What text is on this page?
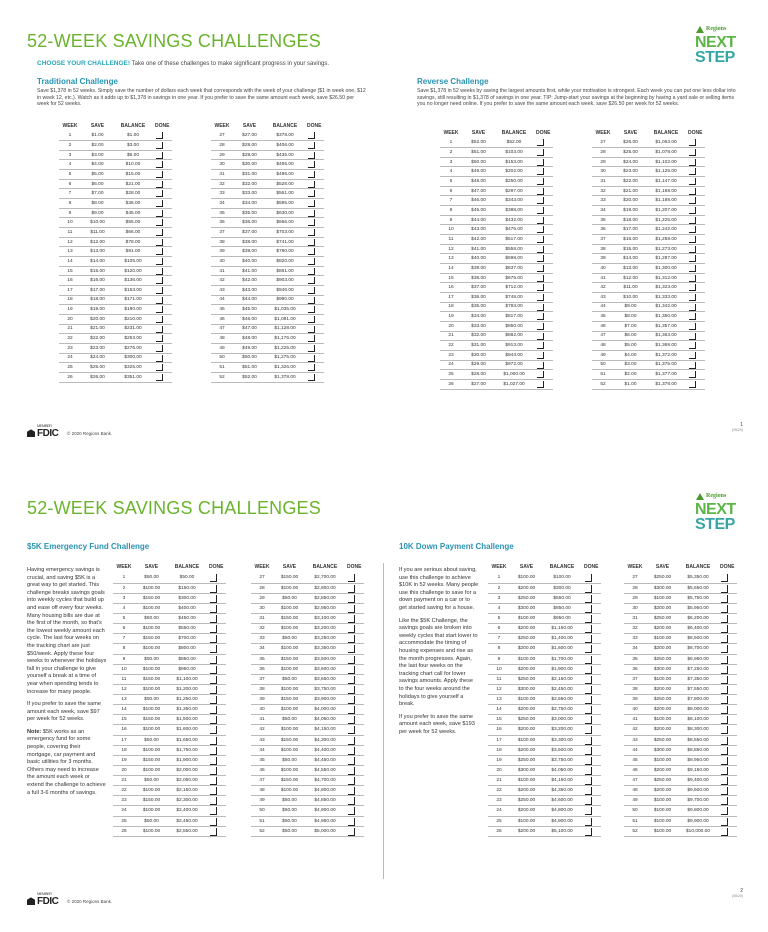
52-WEEK SAVINGS CHALLENGES
Regions
NEXT
STEP
CHOOSE YOUR CHALLENGE! Take one of these challenges to make significant progress in your savings.
Traditional Challenge
Save $1,378 in 52 weeks. Simply save the number of dollars each week that corresponds with the week of your challenge ($1 in week one, $12 in week 12, etc.). Watch as it adds up to $1,378 in savings in one year. If you prefer to save the same amount each week, save $26.50 per week for 52 weeks.
WEEK	SAVE	BALANCE	DONE
1	$1.00	$1.00	

2	$2.00	$3.00	

3	$3.00	$6.00	

4	$4.00	$10.00	

5	$5.00	$15.00	

6	$6.00	$21.00	

7	$7.00	$28.00	

8	$8.00	$36.00	

9	$9.00	$45.00	

10	$10.00	$55.00	

11	$11.00	$66.00	

12	$12.00	$78.00	

13	$13.00	$91.00	

14	$14.00	$105.00	

15	$15.00	$120.00	

16	$16.00	$136.00	

17	$17.00	$153.00	

18	$18.00	$171.00	

19	$19.00	$190.00	

20	$20.00	$210.00	

21	$21.00	$231.00	

22	$22.00	$253.00	

23	$23.00	$276.00	

24	$24.00	$300.00	

25	$25.00	$325.00	

26	$26.00	$351.00	
WEEK	SAVE	BALANCE	DONE
27	$27.00	$378.00	

28	$28.00	$406.00	

29	$29.00	$435.00	

30	$30.00	$465.00	

31	$31.00	$496.00	

32	$32.00	$528.00	

33	$33.00	$561.00	

34	$34.00	$595.00	

35	$35.00	$630.00	

36	$36.00	$666.00	

37	$37.00	$703.00	

38	$38.00	$741.00	

39	$39.00	$780.00	

40	$40.00	$820.00	

41	$41.00	$861.00	

42	$42.00	$903.00	

43	$43.00	$946.00	

44	$44.00	$990.00	

45	$45.00	$1,035.00	

46	$46.00	$1,081.00	

47	$47.00	$1,128.00	

48	$48.00	$1,176.00	

49	$49.00	$1,225.00	

50	$50.00	$1,275.00	

51	$51.00	$1,326.00	

52	$52.00	$1,378.00	
Reverse Challenge
Save $1,378 in 52 weeks by saving the largest amounts first, while your motivation is strongest. Each week you can put one less dollar into savings, still resulting in $1,378 of savings in one year. TIP: Jump-start your savings at the beginning by having a yard sale or selling items you no longer need online. If you prefer to save the same amount each week, save $26.50 per week for 52 weeks.
WEEK	SAVE	BALANCE	DONE
1	$52.00	$52.00	

2	$51.00	$103.00	

3	$50.00	$153.00	

4	$49.00	$202.00	

5	$48.00	$250.00	

6	$47.00	$297.00	

7	$46.00	$343.00	

8	$45.00	$388.00	

9	$44.00	$432.00	

10	$43.00	$475.00	

11	$42.00	$517.00	

12	$41.00	$558.00	

13	$40.00	$598.00	

14	$39.00	$637.00	

15	$38.00	$675.00	

16	$37.00	$712.00	

17	$36.00	$748.00	

18	$35.00	$783.00	

19	$34.00	$817.00	

20	$33.00	$850.00	

21	$32.00	$882.00	

22	$31.00	$913.00	

23	$30.00	$943.00	

24	$29.00	$972.00	

25	$28.00	$1,000.00	

26	$27.00	$1,027.00	
WEEK	SAVE	BALANCE	DONE
27	$26.00	$1,053.00	

28	$25.00	$1,078.00	

29	$24.00	$1,102.00	

30	$23.00	$1,125.00	

31	$22.00	$1,147.00	

32	$21.00	$1,168.00	

33	$20.00	$1,188.00	

34	$19.00	$1,207.00	

35	$18.00	$1,225.00	

36	$17.00	$1,242.00	

37	$16.00	$1,258.00	

38	$15.00	$1,273.00	

39	$14.00	$1,287.00	

40	$13.00	$1,300.00	

41	$12.00	$1,312.00	

42	$11.00	$1,323.00	

43	$10.00	$1,333.00	

44	$9.00	$1,342.00	

45	$8.00	$1,350.00	

46	$7.00	$1,357.00	

47	$6.00	$1,363.00	

48	$5.00	$1,368.00	

49	$4.00	$1,372.00	

50	$3.00	$1,375.00	

51	$2.00	$1,377.00	

52	$1.00	$1,378.00	
MEMBER
FDIC © 2020 Regions Bank.
1
(05/20)
52-WEEK SAVINGS CHALLENGES
Regions
NEXT
STEP
$5K Emergency Fund Challenge

Having emergency savings is crucial, and saving $5K is a great way to get started. This challenge breaks savings goals into weekly cycles that build up and ease off every four weeks. Many housing bills are due at the first of the month, so that's the lowest weekly amount each cycle. The last four weeks on the tracking chart are just $50/week. Apply these four weeks to whenever the holidays fall in your challenge to give yourself a break at a time of year when spending tends to increase for many people.

If you prefer to save the same amount each week, save $97 per week for 52 weeks.

Note: $5K works as an emergency fund for some people, covering their mortgage, car payment and basic utilities for 3 months. Others may need to increase the amount each week or extend the challenge to achieve a full 3-6 months of savings.

WEEK	SAVE	BALANCE	DONE
1	$50.00	$50.00	

2	$100.00	$150.00	

3	$150.00	$300.00	

4	$100.00	$400.00	

5	$50.00	$450.00	

6	$100.00	$550.00	

7	$150.00	$700.00	

8	$100.00	$800.00	

9	$50.00	$850.00	

10	$100.00	$950.00	

11	$150.00	$1,100.00	

12	$100.00	$1,200.00	

13	$50.00	$1,250.00	

14	$100.00	$1,350.00	

15	$150.00	$1,500.00	

16	$100.00	$1,600.00	

17	$50.00	$1,650.00	

18	$100.00	$1,750.00	

19	$150.00	$1,900.00	

20	$100.00	$2,000.00	

21	$50.00	$2,050.00	

22	$100.00	$2,150.00	

23	$150.00	$2,300.00	

24	$100.00	$2,400.00	

25	$50.00	$2,450.00	

26	$100.00	$2,550.00	
WEEK	SAVE	BALANCE	DONE
27	$150.00	$2,700.00	

28	$100.00	$2,800.00	

29	$50.00	$2,850.00	

30	$100.00	$2,950.00	

31	$150.00	$3,100.00	

32	$100.00	$3,200.00	

33	$50.00	$3,250.00	

34	$100.00	$3,350.00	

35	$150.00	$3,500.00	

36	$100.00	$3,600.00	

37	$50.00	$3,650.00	

38	$100.00	$3,750.00	

39	$150.00	$3,900.00	

40	$100.00	$4,000.00	

41	$50.00	$4,050.00	

42	$100.00	$4,150.00	

43	$150.00	$4,300.00	

44	$100.00	$4,400.00	

45	$50.00	$4,450.00	

46	$100.00	$4,550.00	

47	$150.00	$4,700.00	

48	$100.00	$4,800.00	

49	$50.00	$4,850.00	

50	$50.00	$4,900.00	

51	$50.00	$4,950.00	

52	$50.00	$5,000.00	
10K Down Payment Challenge

If you are serious about saving, use this challenge to achieve $10K in 52 weeks. Many people use this challenge to save for a down payment on a car or to get started saving for a house.

Like the $5K Challenge, the savings goals are broken into weekly cycles that start lower to accommodate the timing of housing expenses and rise as the month progresses. Again, the last four weeks on the tracking chart call for lower savings amounts. Apply these to the four weeks around the holidays to give yourself a break.

If you prefer to save the same amount each week, save $193 per week for 52 weeks.

WEEK	SAVE	BALANCE	DONE
1	$100.00	$100.00	

2	$200.00	$300.00	

3	$250.00	$550.00	

4	$300.00	$850.00	

5	$100.00	$950.00	

6	$200.00	$1,150.00	

7	$250.00	$1,400.00	

8	$200.00	$1,600.00	

9	$100.00	$1,700.00	

10	$200.00	$1,900.00	

11	$250.00	$2,150.00	

12	$300.00	$2,450.00	

13	$100.00	$2,550.00	

14	$200.00	$2,750.00	

15	$250.00	$3,000.00	

16	$200.00	$3,200.00	

17	$100.00	$3,300.00	

18	$200.00	$3,500.00	

19	$250.00	$3,750.00	

20	$300.00	$4,050.00	

21	$100.00	$4,150.00	

22	$200.00	$4,350.00	

23	$250.00	$4,600.00	

24	$200.00	$4,800.00	

25	$100.00	$4,900.00	

26	$200.00	$5,100.00	
WEEK	SAVE	BALANCE	DONE
27	$250.00	$5,350.00	

28	$300.00	$5,650.00	

29	$100.00	$5,750.00	

30	$200.00	$5,950.00	

31	$250.00	$6,200.00	

32	$200.00	$6,400.00	

33	$100.00	$6,500.00	

34	$200.00	$6,700.00	

35	$250.00	$6,950.00	

36	$300.00	$7,250.00	

37	$100.00	$7,350.00	

38	$200.00	$7,550.00	

39	$250.00	$7,800.00	

40	$200.00	$8,000.00	

41	$100.00	$8,100.00	

42	$200.00	$8,300.00	

43	$250.00	$8,550.00	

44	$300.00	$8,850.00	

45	$100.00	$8,950.00	

46	$200.00	$9,150.00	

47	$250.00	$9,400.00	

48	$200.00	$9,600.00	

49	$100.00	$9,700.00	

50	$100.00	$9,800.00	

51	$100.00	$9,900.00	

52	$100.00	$10,000.00	
MEMBER
FDIC © 2020 Regions Bank.
2
(05/20)
